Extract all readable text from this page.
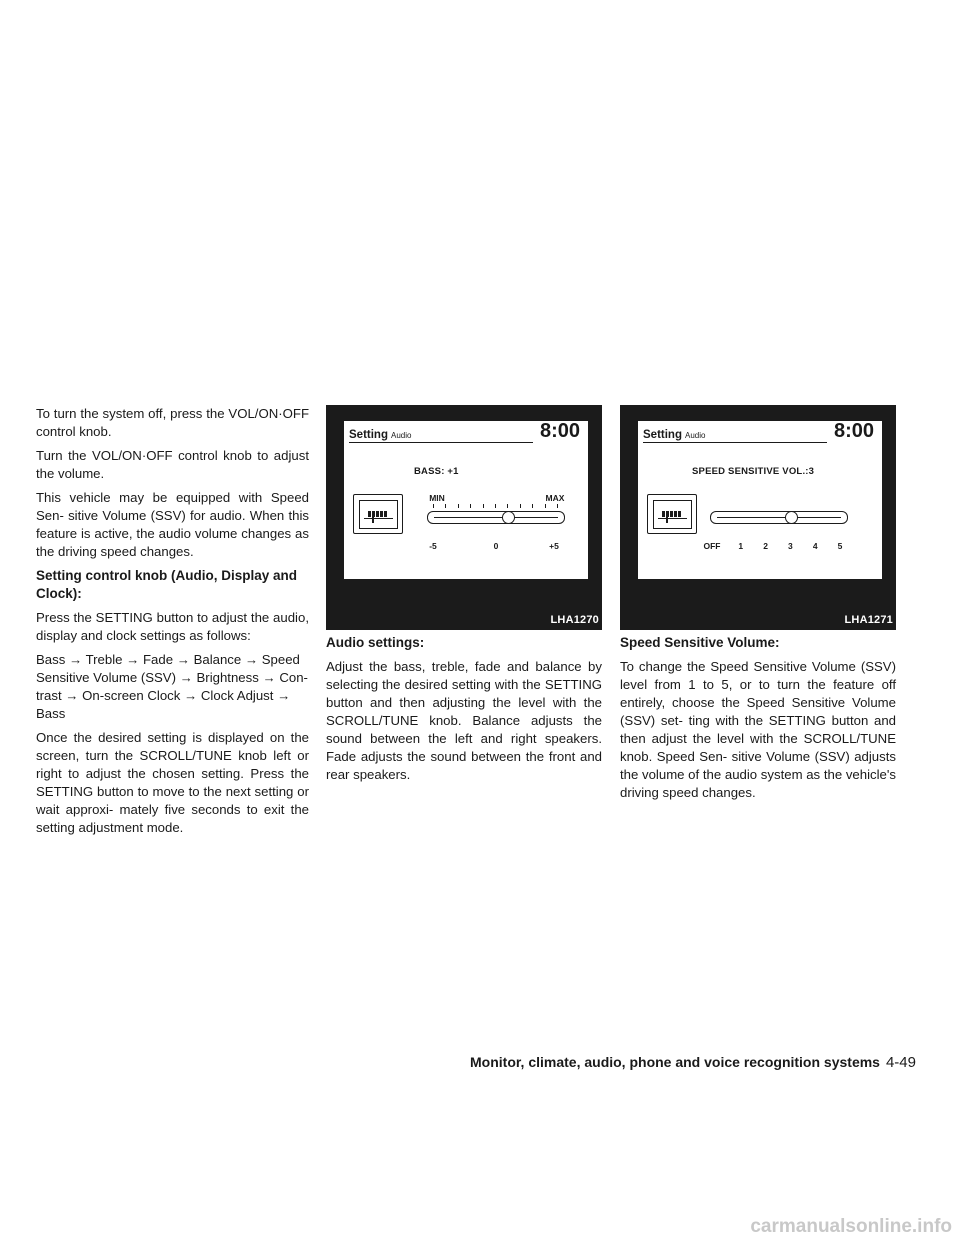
To turn the system off, press the VOL/ON·OFF control knob.

Turn the VOL/ON·OFF control knob to adjust the volume.

This vehicle may be equipped with Speed Sen- sitive Volume (SSV) for audio. When this feature is active, the audio volume changes as the driving speed changes.

Setting control knob (Audio, Display and Clock):

Press the SETTING button to adjust the audio, display and clock settings as follows:

Bass → Treble → Fade → Balance → Speed Sensitive Volume (SSV) → Brightness → Con- trast → On-screen Clock → Clock Adjust → Bass

Once the desired setting is displayed on the screen, turn the SCROLL/TUNE knob left or right to adjust the chosen setting. Press the SETTING button to move to the next setting or wait approxi- mately five seconds to exit the setting adjustment mode.

Setting Audio	8:00
BASS: +1
MIN	MAX
-5	0	+5
LHA1270
Audio settings:

Adjust the bass, treble, fade and balance by selecting the desired setting with the SETTING button and then adjusting the level with the SCROLL/TUNE knob. Balance adjusts the sound between the left and right speakers. Fade adjusts the sound between the front and rear speakers.

Setting Audio	8:00
SPEED SENSITIVE VOL.:3
OFF 1 2 3 4 5
LHA1271
Speed Sensitive Volume:

To change the Speed Sensitive Volume (SSV) level from 1 to 5, or to turn the feature off entirely, choose the Speed Sensitive Volume (SSV) set- ting with the SETTING button and then adjust the level with the SCROLL/TUNE knob. Speed Sen- sitive Volume (SSV) adjusts the volume of the audio system as the vehicle's driving speed changes.

Monitor, climate, audio, phone and voice recognition systems 4-49
carmanualsonline.info
